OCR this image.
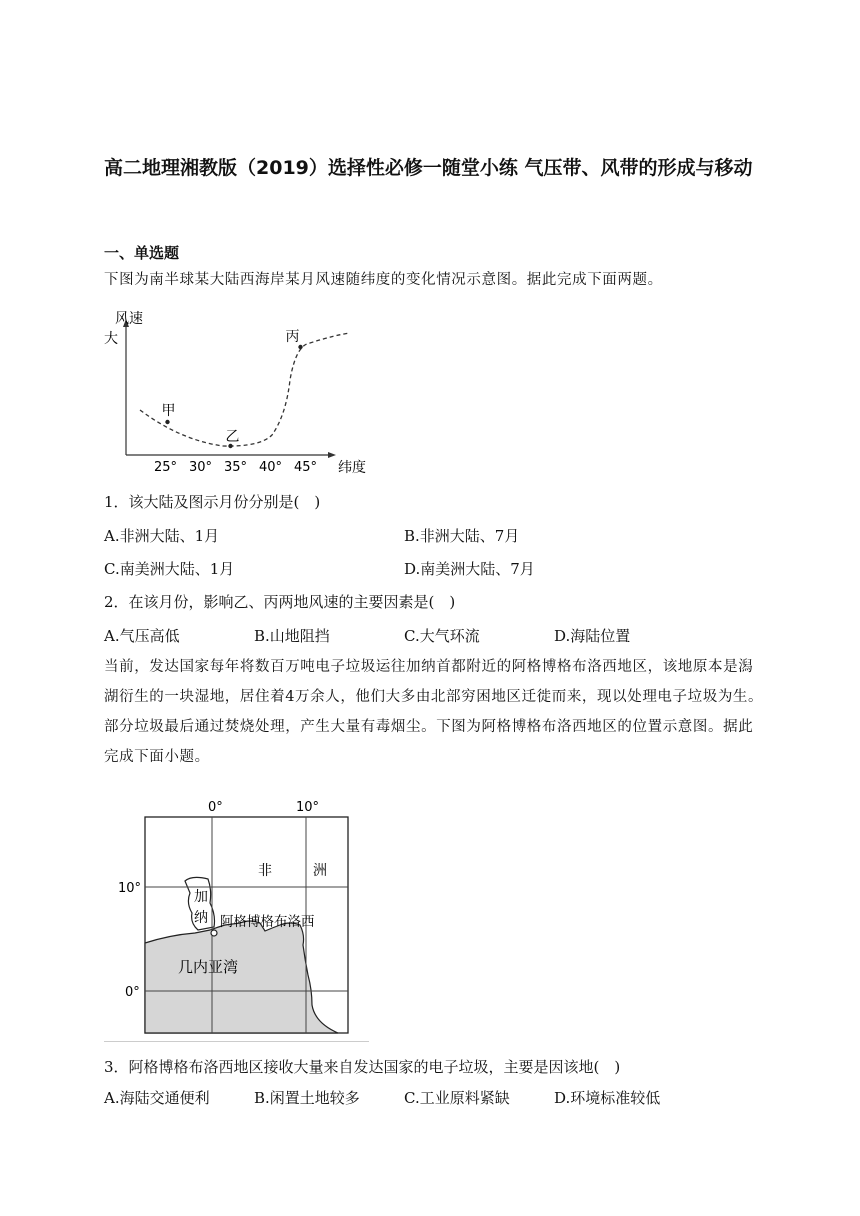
高二地理湘教版（2019）选择性必修一随堂小练 气压带、风带的形成与移动
一、单选题
下图为南半球某大陆西海岸某月风速随纬度的变化情况示意图。据此完成下面两题。
风速
大
纬度
25° 30° 35° 40° 45°
甲
乙
丙
1．该大陆及图示月份分别是(　)
A.非洲大陆、1月	B.非洲大陆、7月
C.南美洲大陆、1月	D.南美洲大陆、7月
2．在该月份，影响乙、丙两地风速的主要因素是(　)
A.气压高低	B.山地阻挡	C.大气环流	D.海陆位置
当前，发达国家每年将数百万吨电子垃圾运往加纳首都附近的阿格博格布洛西地区，该地原本是潟湖衍生的一块湿地，居住着4万余人，他们大多由北部穷困地区迁徙而来，现以处理电子垃圾为生。部分垃圾最后通过焚烧处理，产生大量有毒烟尘。下图为阿格博格布洛西地区的位置示意图。据此完成下面小题。
0°	10°
10°
0°
非	洲
加
纳 阿格博格布洛西
几内亚湾
3．阿格博格布洛西地区接收大量来自发达国家的电子垃圾，主要是因该地(　)
A.海陆交通便利	B.闲置土地较多	C.工业原料紧缺	D.环境标准较低
